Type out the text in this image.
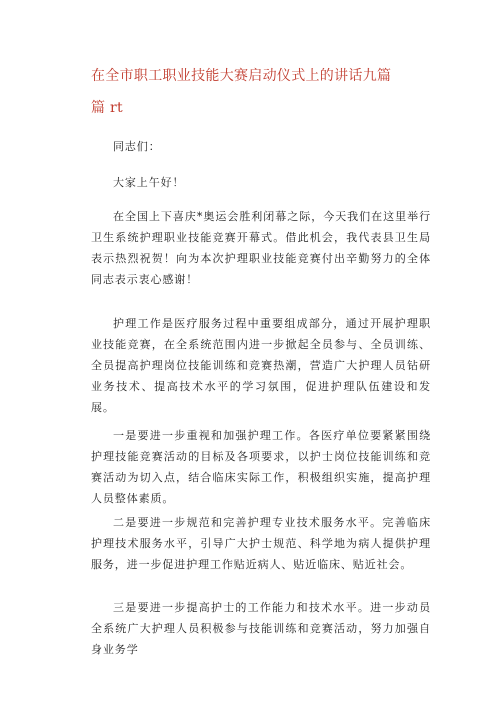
在全市职工职业技能大赛启动仪式上的讲话九篇
篇 rt
同志们：
大家上午好！
在全国上下喜庆*奥运会胜利闭幕之际，今天我们在这里举行卫生系统护理职业技能竞赛开幕式。借此机会，我代表县卫生局表示热烈祝贺！向为本次护理职业技能竞赛付出辛勤努力的全体同志表示衷心感谢！
护理工作是医疗服务过程中重要组成部分，通过开展护理职业技能竞赛，在全系统范围内进一步掀起全员参与、全员训练、全员提高护理岗位技能训练和竞赛热潮，营造广大护理人员钻研业务技术、提高技术水平的学习氛围，促进护理队伍建设和发展。
一是要进一步重视和加强护理工作。各医疗单位要紧紧围绕护理技能竞赛活动的目标及各项要求，以护士岗位技能训练和竞赛活动为切入点，结合临床实际工作，积极组织实施，提高护理人员整体素质。
二是要进一步规范和完善护理专业技术服务水平。完善临床护理技术服务水平，引导广大护士规范、科学地为病人提供护理服务，进一步促进护理工作贴近病人、贴近临床、贴近社会。
三是要进一步提高护士的工作能力和技术水平。进一步动员全系统广大护理人员积极参与技能训练和竞赛活动，努力加强自身业务学
